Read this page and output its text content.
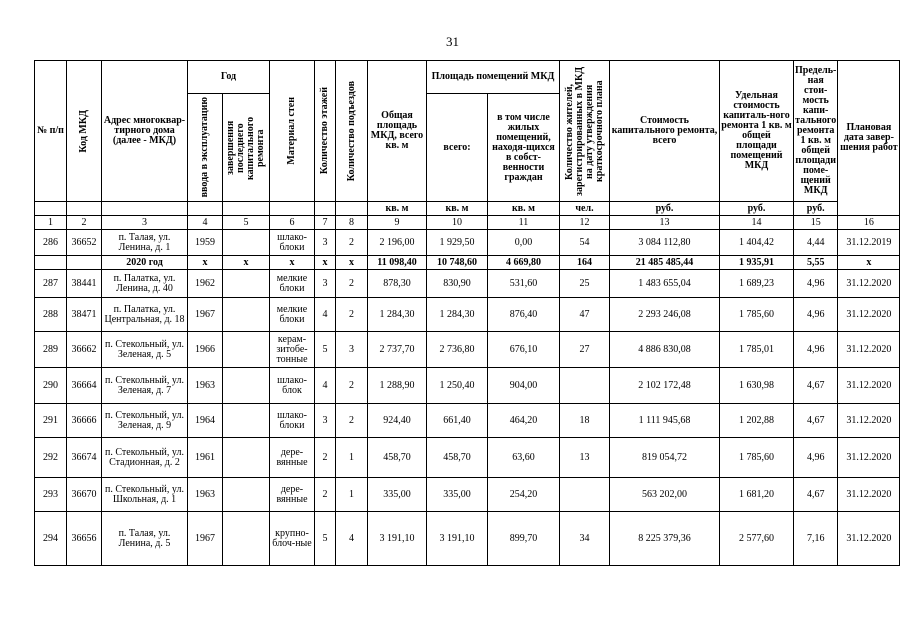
31
№ п/п	Код МКД	Адрес многоквар-тирного дома (далее - МКД)	Год		Материал стен	Количество этажей	Количество подъездов	Общая площадь МКД, всего кв. м	Площадь помещений МКД		Количество жителей, зарегистрированных в МКД на дату утверждения краткосрочного плана	Стоимость капитального ремонта, всего	Удельная стоимость капиталь-ного ремонта 1 кв. м общей площади помещений МКД	Предель-ная стои-мость капи-тального ремонта 1 кв. м общей площади поме-щений МКД	Плановая дата завер-шения работ

			ввода в эксплуатацию	завершения последнего капитального ремонта					всего:	в том числе жилых помещений, находя-щихся в собст-венности граждан					
								кв. м	кв. м	кв. м	чел.	руб.	руб.	руб.	
1	2	3	4	5	6	7	8	9	10	11	12	13	14	15	16
286	36652	п. Талая, ул. Ленина, д. 1	1959		шлако-блоки	3	2	2 196,00	1 929,50	0,00	54	3 084 112,80	1 404,42	4,44	31.12.2019
		2020 год	х	х	х	х	х	11 098,40	10 748,60	4 669,80	164	21 485 485,44	1 935,91	5,55	х
287	38441	п. Палатка, ул. Ленина, д. 40	1962		мелкие блоки	3	2	878,30	830,90	531,60	25	1 483 655,04	1 689,23	4,96	31.12.2020
288	38471	п. Палатка, ул. Центральная, д. 18	1967		мелкие блоки	4	2	1 284,30	1 284,30	876,40	47	2 293 246,08	1 785,60	4,96	31.12.2020
289	36662	п. Стекольный, ул. Зеленая, д. 5	1966		керам-зитобе-тонные	5	3	2 737,70	2 736,80	676,10	27	4 886 830,08	1 785,01	4,96	31.12.2020
290	36664	п. Стекольный, ул. Зеленая, д. 7	1963		шлако-блок	4	2	1 288,90	1 250,40	904,00		2 102 172,48	1 630,98	4,67	31.12.2020
291	36666	п. Стекольный, ул. Зеленая, д. 9	1964		шлако-блоки	3	2	924,40	661,40	464,20	18	1 111 945,68	1 202,88	4,67	31.12.2020
292	36674	п. Стекольный, ул. Стадионная, д. 2	1961		дере-вянные	2	1	458,70	458,70	63,60	13	819 054,72	1 785,60	4,96	31.12.2020
293	36670	п. Стекольный, ул. Школьная, д. 1	1963		дере-вянные	2	1	335,00	335,00	254,20		563 202,00	1 681,20	4,67	31.12.2020
294	36656	п. Талая, ул. Ленина, д. 5	1967		крупно-блоч-ные	5	4	3 191,10	3 191,10	899,70	34	8 225 379,36	2 577,60	7,16	31.12.2020
